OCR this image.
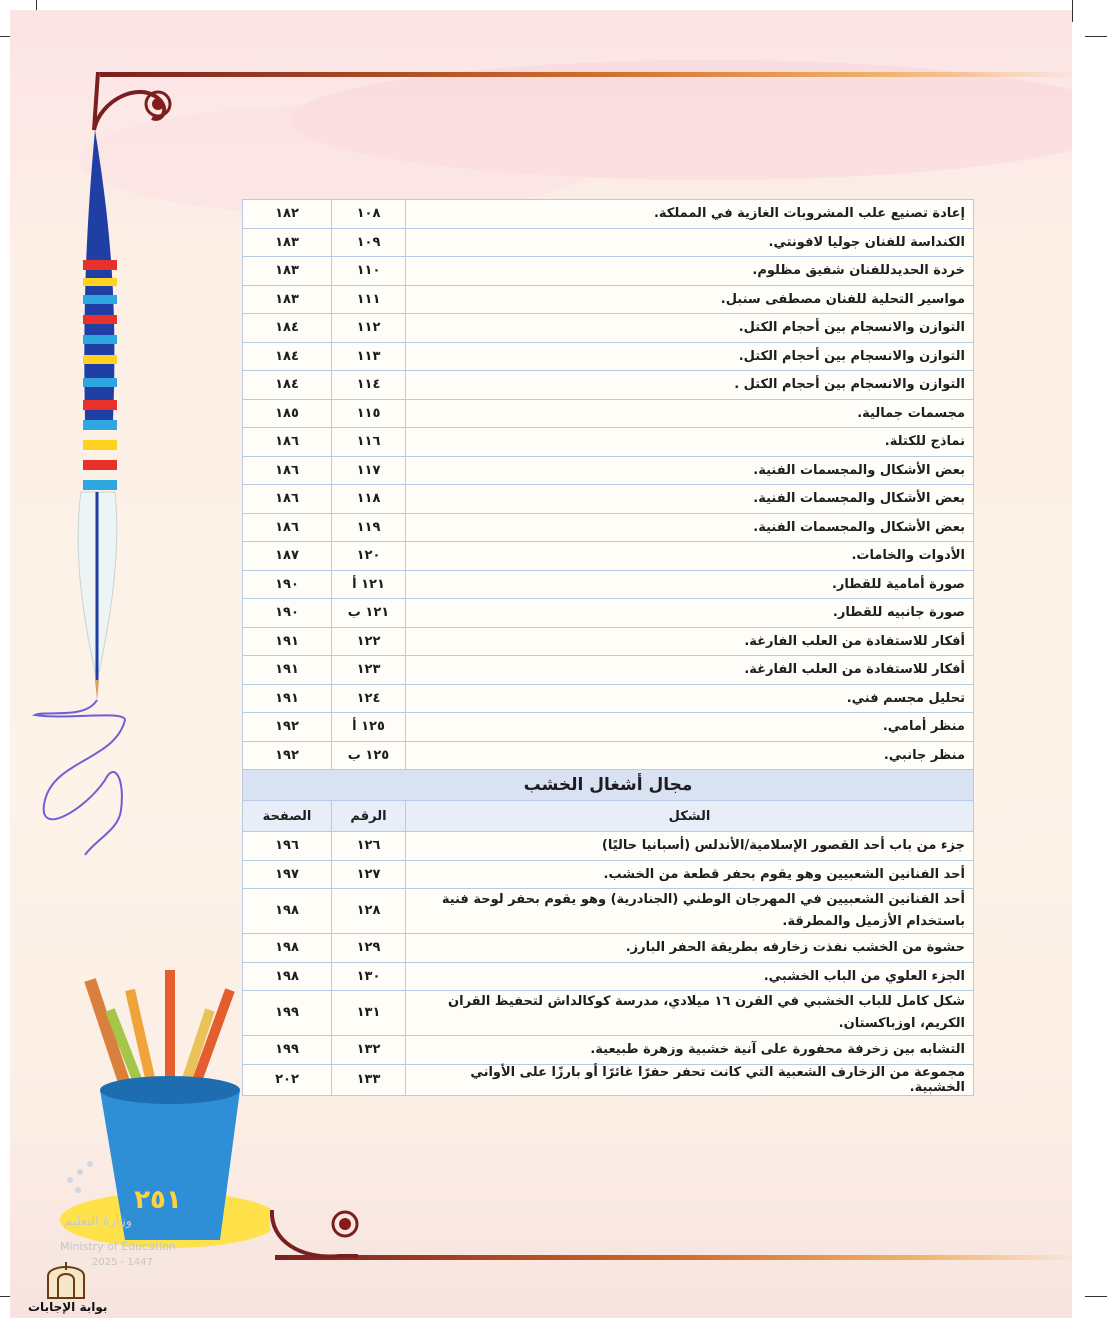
٢٥١
إعادة تصنيع علب المشروبات الغازية في المملكة.	١٠٨	١٨٢
الكنداسة للفنان جوليا لافونتي.	١٠٩	١٨٣
خردة الحديدللفنان شفيق مظلوم.	١١٠	١٨٣
مواسير التحلية للفنان مصطفى سنبل.	١١١	١٨٣
التوازن والانسجام بين أحجام الكتل.	١١٢	١٨٤
التوازن والانسجام بين أحجام الكتل.	١١٣	١٨٤
التوازن والانسجام بين أحجام الكتل .	١١٤	١٨٤
مجسمات جمالية.	١١٥	١٨٥
نماذج للكتلة.	١١٦	١٨٦
بعض الأشكال والمجسمات الفنية.	١١٧	١٨٦
بعض الأشكال والمجسمات الفنية.	١١٨	١٨٦
بعض الأشكال والمجسمات الفنية.	١١٩	١٨٦
الأدوات والخامات.	١٢٠	١٨٧
صورة أمامية للقطار.	١٢١ أ	١٩٠
صورة جانبيه للقطار.	١٢١ ب	١٩٠
أفكار للاستفادة من العلب الفارغة.	١٢٢	١٩١
أفكار للاستفادة من العلب الفارغة.	١٢٣	١٩١
تحليل مجسم فني.	١٢٤	١٩١
منظر أمامي.	١٢٥ أ	١٩٢
منظر جانبي.	١٢٥ ب	١٩٢
مجال أشغال الخشب		
الشكل	الرقم	الصفحة
جزء من باب أحد القصور الإسلامية/الأندلس (أسبانيا حاليًا)	١٢٦	١٩٦
أحد الفنانين الشعبيين وهو يقوم بحفر قطعة من الخشب.	١٢٧	١٩٧
أحد الفنانين الشعبيين في المهرجان الوطني (الجنادرية) وهو يقوم بحفر لوحة فنية باستخدام الأزميل والمطرقة.	١٢٨	١٩٨
حشوة من الخشب نفذت زخارفه بطريقة الحفر البارز.	١٢٩	١٩٨
الجزء العلوي من الباب الخشبي.	١٣٠	١٩٨
شكل كامل للباب الخشبي في القرن ١٦ ميلادي، مدرسة كوكالداش لتحفيظ القران الكريم، اوزباكستان.	١٣١	١٩٩
التشابه بين زخرفة محفورة على آنية خشبية وزهرة طبيعية.	١٣٢	١٩٩
مجموعة من الزخارف الشعبية التي كانت تحفر حفرًا غائرًا أو بارزًا على الأواني الخشبية.	١٣٣	٢٠٢
وزارة التعليم
Ministry of Education
2025 - 1447
بوابة الإجابات
